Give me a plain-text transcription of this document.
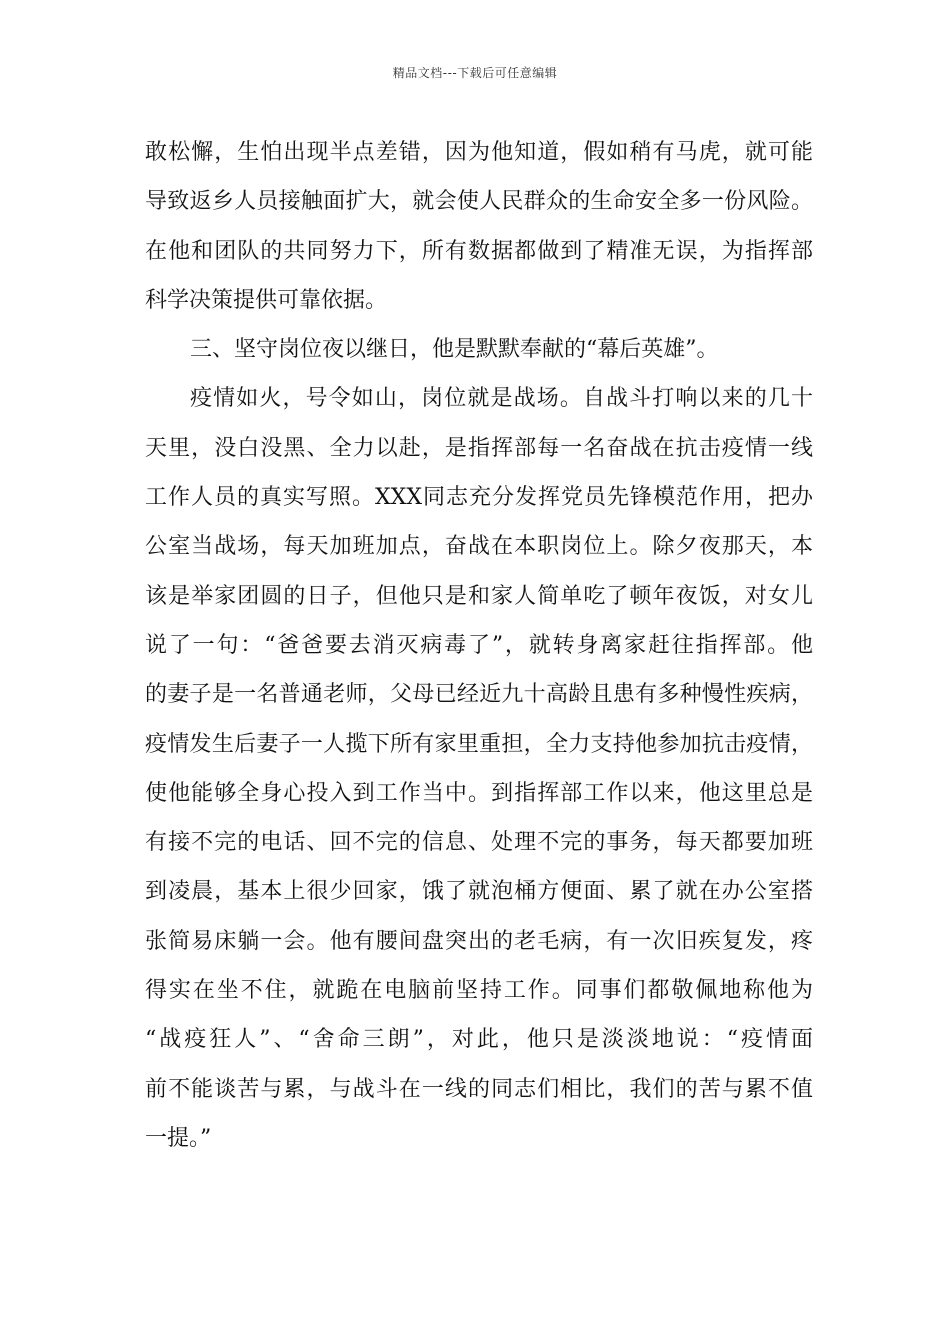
精品文档---下载后可任意编辑
敢松懈，生怕出现半点差错，因为他知道，假如稍有马虎，就可能
导致返乡人员接触面扩大，就会使人民群众的生命安全多一份风险。
在他和团队的共同努力下，所有数据都做到了精准无误，为指挥部
科学决策提供可靠依据。
三、坚守岗位夜以继日，他是默默奉献的“幕后英雄”。
疫情如火，号令如山，岗位就是战场。自战斗打响以来的几十
天里，没白没黑、全力以赴，是指挥部每一名奋战在抗击疫情一线
工作人员的真实写照。XXX同志充分发挥党员先锋模范作用，把办
公室当战场，每天加班加点，奋战在本职岗位上。除夕夜那天，本
该是举家团圆的日子，但他只是和家人简单吃了顿年夜饭，对女儿
说了一句：“爸爸要去消灭病毒了”，就转身离家赶往指挥部。他
的妻子是一名普通老师，父母已经近九十高龄且患有多种慢性疾病，
疫情发生后妻子一人揽下所有家里重担，全力支持他参加抗击疫情，
使他能够全身心投入到工作当中。到指挥部工作以来，他这里总是
有接不完的电话、回不完的信息、处理不完的事务，每天都要加班
到凌晨，基本上很少回家，饿了就泡桶方便面、累了就在办公室搭
张简易床躺一会。他有腰间盘突出的老毛病，有一次旧疾复发，疼
得实在坐不住，就跪在电脑前坚持工作。同事们都敬佩地称他为
“战疫狂人”、“舍命三朗”，对此，他只是淡淡地说：“疫情面
前不能谈苦与累，与战斗在一线的同志们相比，我们的苦与累不值
一提。”
